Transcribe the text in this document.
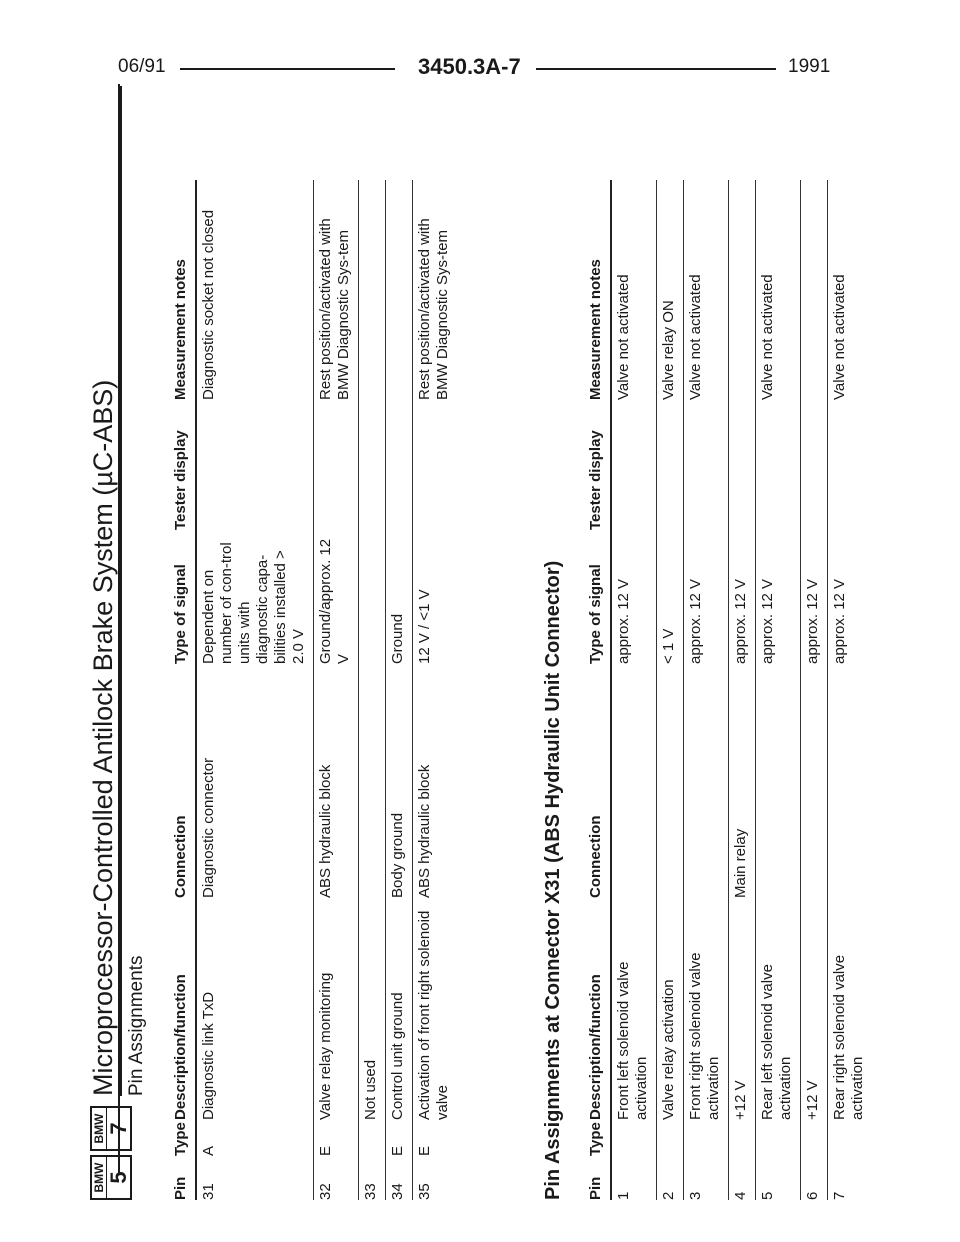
06/91	3450.3A-7	1991
BMW 5
BMW 7
Microprocessor-Controlled Antilock Brake System (µC-ABS) Pin Assignments
Pin	Type	Description/function	Connection	Type of signal	Tester display	Measurement notes
31	A	Diagnostic link TxD	Diagnostic connector	Dependent on number of con-trol units with diagnostic capa-bilities installed > 2.0 V		Diagnostic socket not closed
32	E	Valve relay monitoring	ABS hydraulic block	Ground/approx. 12 V		Rest position/activated with BMW Diagnostic Sys-tem
33		Not used				
34	E	Control unit ground	Body ground	Ground		
35	E	Activation of front right solenoid valve	ABS hydraulic block	12 V / <1 V		Rest position/activated with BMW Diagnostic Sys-tem
Pin Assignments at Connector X31 (ABS Hydraulic Unit Connector) Pin	Type	Description/function	Connection	Type of signal	Tester display	Measurement notes
1		Front left solenoid valve activation		approx. 12 V		Valve not activated
2		Valve relay activation		< 1 V		Valve relay ON
3		Front right solenoid valve activation		approx. 12 V		Valve not activated
4		+12 V	Main relay	approx. 12 V		
5		Rear left solenoid valve activation		approx. 12 V		Valve not activated
6		+12 V		approx. 12 V		
7		Rear right solenoid valve activation		approx. 12 V		Valve not activated
